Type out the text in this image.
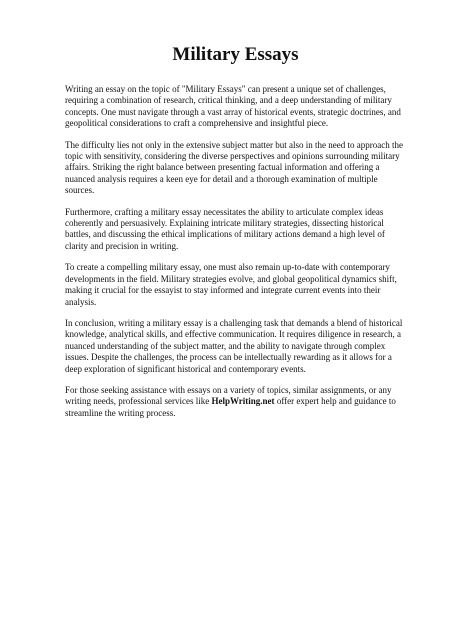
Military Essays

Writing an essay on the topic of "Military Essays" can present a unique set of challenges, requiring a combination of research, critical thinking, and a deep understanding of military concepts. One must navigate through a vast array of historical events, strategic doctrines, and geopolitical considerations to craft a comprehensive and insightful piece.

The difficulty lies not only in the extensive subject matter but also in the need to approach the topic with sensitivity, considering the diverse perspectives and opinions surrounding military affairs. Striking the right balance between presenting factual information and offering a nuanced analysis requires a keen eye for detail and a thorough examination of multiple sources.

Furthermore, crafting a military essay necessitates the ability to articulate complex ideas coherently and persuasively. Explaining intricate military strategies, dissecting historical battles, and discussing the ethical implications of military actions demand a high level of clarity and precision in writing.

To create a compelling military essay, one must also remain up-to-date with contemporary developments in the field. Military strategies evolve, and global geopolitical dynamics shift, making it crucial for the essayist to stay informed and integrate current events into their analysis.

In conclusion, writing a military essay is a challenging task that demands a blend of historical knowledge, analytical skills, and effective communication. It requires diligence in research, a nuanced understanding of the subject matter, and the ability to navigate through complex issues. Despite the challenges, the process can be intellectually rewarding as it allows for a deep exploration of significant historical and contemporary events.

For those seeking assistance with essays on a variety of topics, similar assignments, or any writing needs, professional services like HelpWriting.net offer expert help and guidance to streamline the writing process.
